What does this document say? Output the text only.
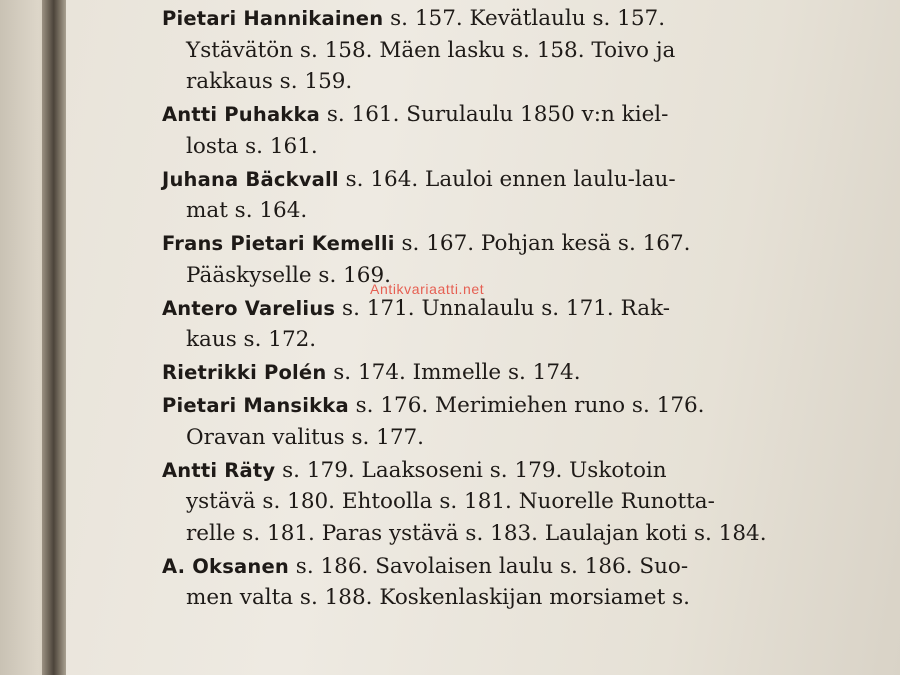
Pietari Hannikainen s. 157. Kevätlaulu s. 157.
Ystävätön s. 158. Mäen lasku s. 158. Toivo ja
rakkaus s. 159.

Antti Puhakka s. 161. Surulaulu 1850 v:n kiel-
losta s. 161.

Juhana Bäckvall s. 164. Lauloi ennen laulu-lau-
mat s. 164.

Frans Pietari Kemelli s. 167. Pohjan kesä s. 167.
Pääskyselle s. 169.

Antero Varelius s. 171. Unnalaulu s. 171. Rak-
kaus s. 172.

Rietrikki Polén s. 174. Immelle s. 174.

Pietari Mansikka s. 176. Merimiehen runo s. 176.
Oravan valitus s. 177.

Antti Räty s. 179. Laaksoseni s. 179. Uskotoin
ystävä s. 180. Ehtoolla s. 181. Nuorelle Runotta-
relle s. 181. Paras ystävä s. 183. Laulajan koti s. 184.

A. Oksanen s. 186. Savolaisen laulu s. 186. Suo-
men valta s. 188. Koskenlaskijan morsiamet s.

Antikvariaatti.net
